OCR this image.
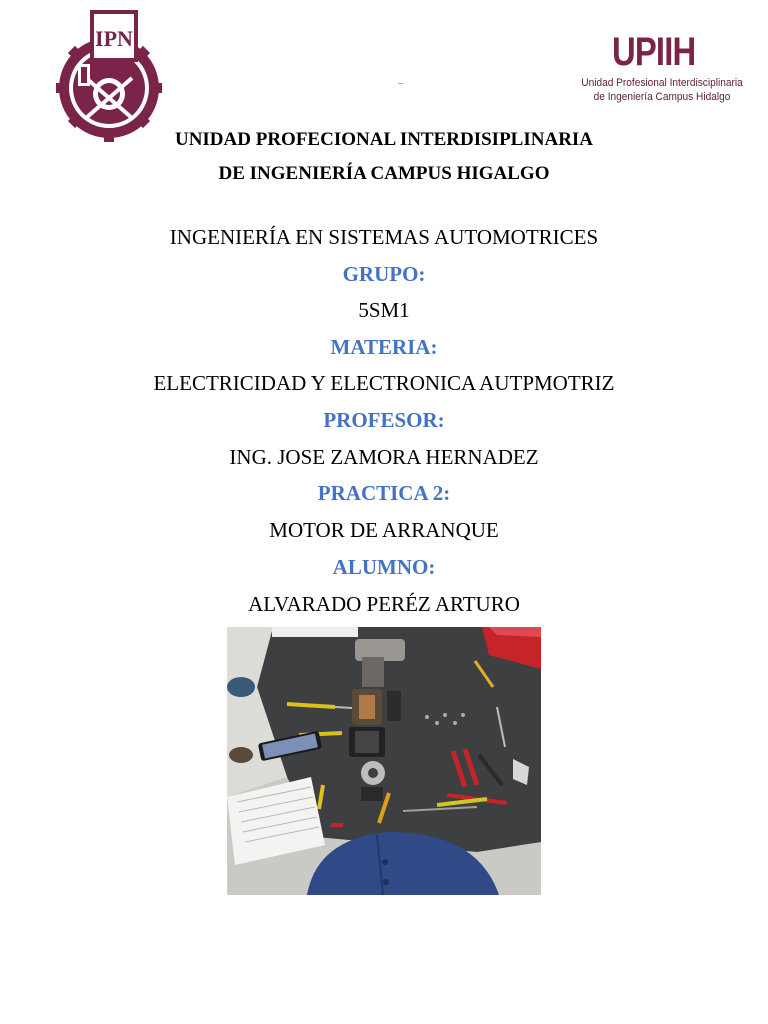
IPN
–
UPIIH
Unidad Profesional Interdisciplinaria
de Ingeniería Campus Hidalgo
UNIDAD PROFECIONAL INTERDISIPLINARIA
DE INGENIERÍA CAMPUS HIGALGO
INGENIERÍA EN SISTEMAS AUTOMOTRICES
GRUPO:
5SM1
MATERIA:
ELECTRICIDAD Y ELECTRONICA AUTPMOTRIZ
PROFESOR:
ING. JOSE ZAMORA HERNADEZ
PRACTICA 2:
MOTOR DE ARRANQUE
ALUMNO:
ALVARADO PERÉZ ARTURO
